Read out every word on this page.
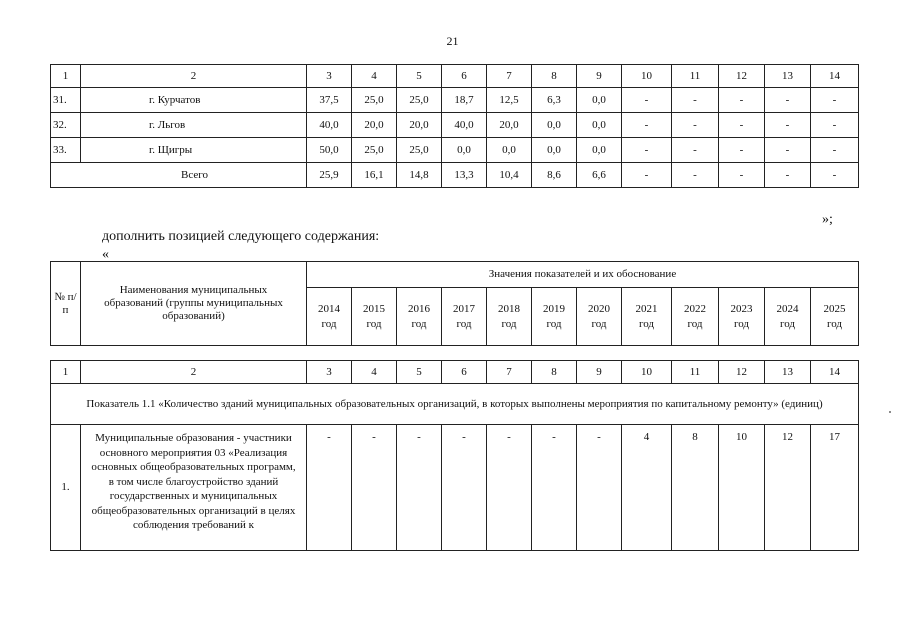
21
1	2	3	4	5	6	7	8	9	10	11	12	13	14
31.	г. Курчатов	37,5	25,0	25,0	18,7	12,5	6,3	0,0	-	-	-	-	-
32.	г. Льгов	40,0	20,0	20,0	40,0	20,0	0,0	0,0	-	-	-	-	-
33.	г. Щигры	50,0	25,0	25,0	0,0	0,0	0,0	0,0	-	-	-	-	-
Всего		25,9	16,1	14,8	13,3	10,4	8,6	6,6	-	-	-	-	-
»;
дополнить позицией следующего содержания:
«
№ п/п	Наименования муниципальных образований (группы муниципальных образований)	Значения показателей и их обоснование											
		2014 год	2015 год	2016 год	2017 год	2018 год	2019 год	2020 год	2021 год	2022 год	2023 год	2024 год	2025 год
1	2	3	4	5	6	7	8	9	10	11	12	13	14
Показатель 1.1 «Количество зданий муниципальных образовательных организаций, в которых выполнены мероприятия по капитальному ремонту» (единиц)													
1.	Муниципальные образования - участники основного мероприятия 03 «Реализация основных общеобразовательных программ, в том числе благоустройство зданий государственных и муниципальных общеобразовательных организаций в целях соблюдения требований к	-	-	-	-	-	-	-	4	8	10	12	17
